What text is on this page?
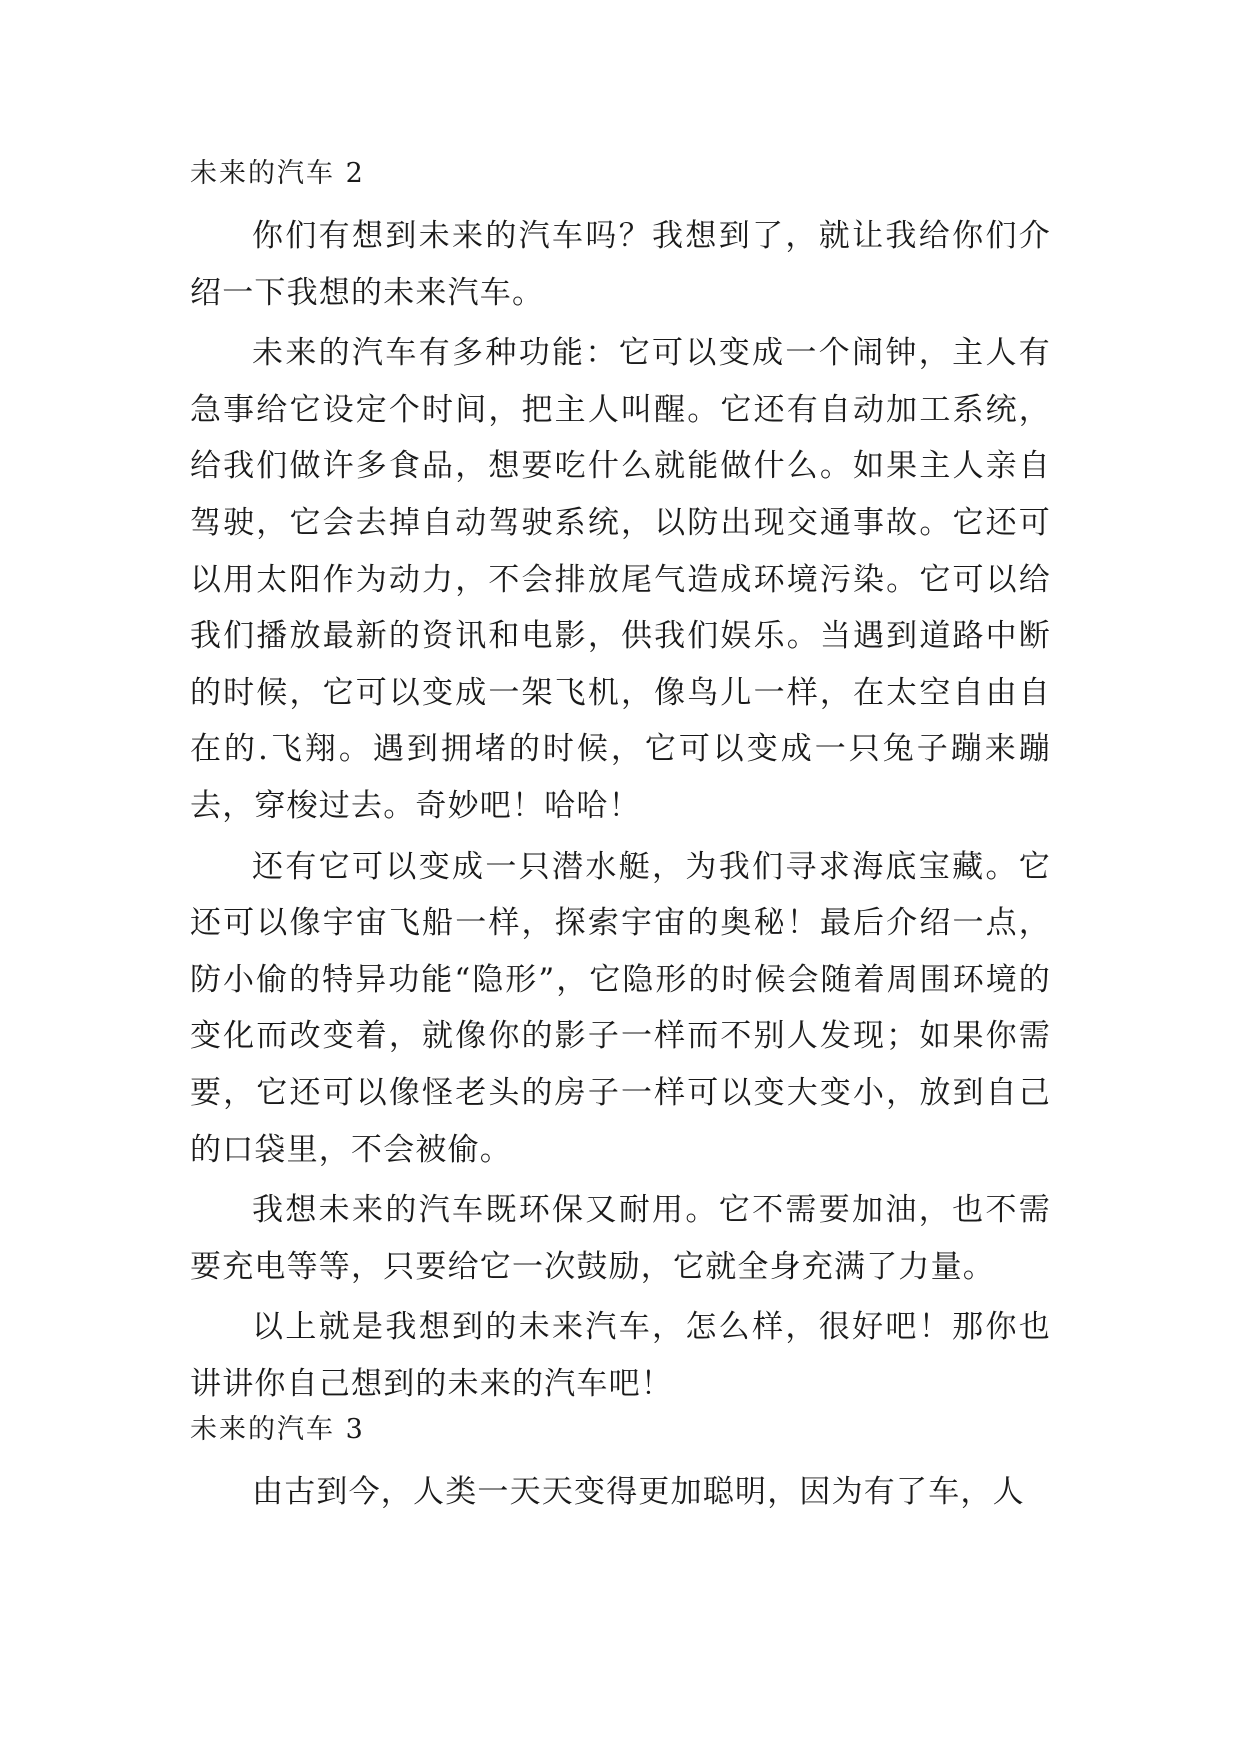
未来的汽车 2

你们有想到未来的汽车吗？我想到了，就让我给你们介绍一下我想的未来汽车。

未来的汽车有多种功能：它可以变成一个闹钟，主人有急事给它设定个时间，把主人叫醒。它还有自动加工系统，给我们做许多食品，想要吃什么就能做什么。如果主人亲自驾驶，它会去掉自动驾驶系统，以防出现交通事故。它还可以用太阳作为动力，不会排放尾气造成环境污染。它可以给我们播放最新的资讯和电影，供我们娱乐。当遇到道路中断的时候，它可以变成一架飞机，像鸟儿一样，在太空自由自在的.飞翔。遇到拥堵的时候，它可以变成一只兔子蹦来蹦去，穿梭过去。奇妙吧！哈哈！

还有它可以变成一只潜水艇，为我们寻求海底宝藏。它还可以像宇宙飞船一样，探索宇宙的奥秘！最后介绍一点，防小偷的特异功能“隐形”，它隐形的时候会随着周围环境的变化而改变着，就像你的影子一样而不别人发现；如果你需要，它还可以像怪老头的房子一样可以变大变小，放到自己的口袋里，不会被偷。

我想未来的汽车既环保又耐用。它不需要加油，也不需要充电等等，只要给它一次鼓励，它就全身充满了力量。

以上就是我想到的未来汽车，怎么样，很好吧！那你也讲讲你自己想到的未来的汽车吧！

未来的汽车 3

由古到今，人类一天天变得更加聪明，因为有了车，人
